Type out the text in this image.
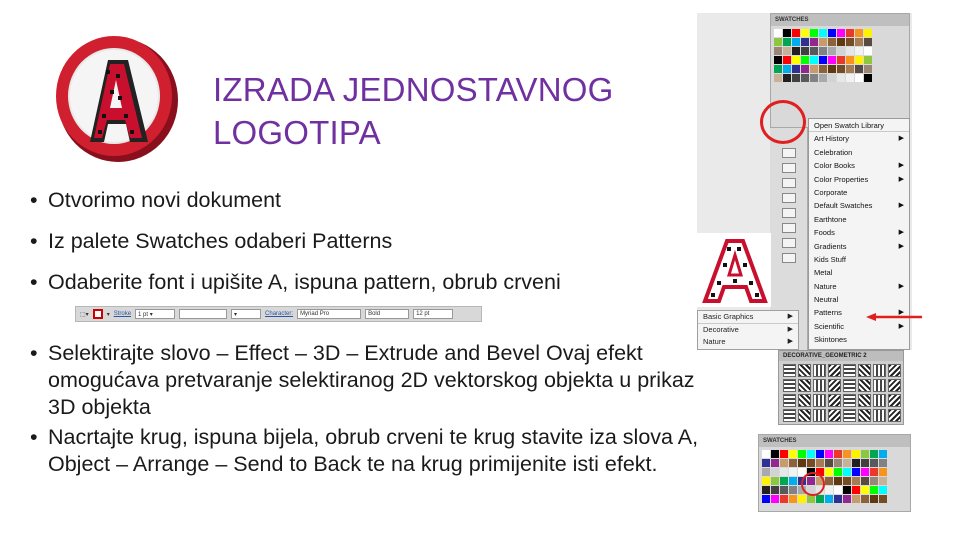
IZRADA JEDNOSTAVNOG
LOGOTIPA
• Otvorimo novi dokument
• Iz palete Swatches odaberi Patterns
• Odaberite font i upišite A, ispuna pattern, obrub crveni
⬚▾	▾ Stroke	1 pt ▾	▾	Character:	Myriad Pro	Bold	12 pt
• Selektirajte slovo – Effect – 3D – Extrude and Bevel Ovaj efekt omogućava pretvaranje selektiranog 2D vektorskog objekta u prikaz 3D objekta
• Nacrtajte krug, ispuna bijela, obrub crveni te krug stavite iza slova A, Object – Arrange – Send to Back te na krug primijenite isti efekt.
SWATCHES
Open Swatch Library
Art History	▶
Celebration
Color Books	▶
Color Properties	▶
Corporate
Default Swatches	▶
Earthtone
Foods	▶
Gradients	▶
Kids Stuff
Metal
Nature	▶
Neutral
Patterns	▶
Scientific	▶
Skintones
Basic Graphics	▶
Decorative	▶
Nature	▶
DECORATIVE_GEOMETRIC 2
SWATCHES
